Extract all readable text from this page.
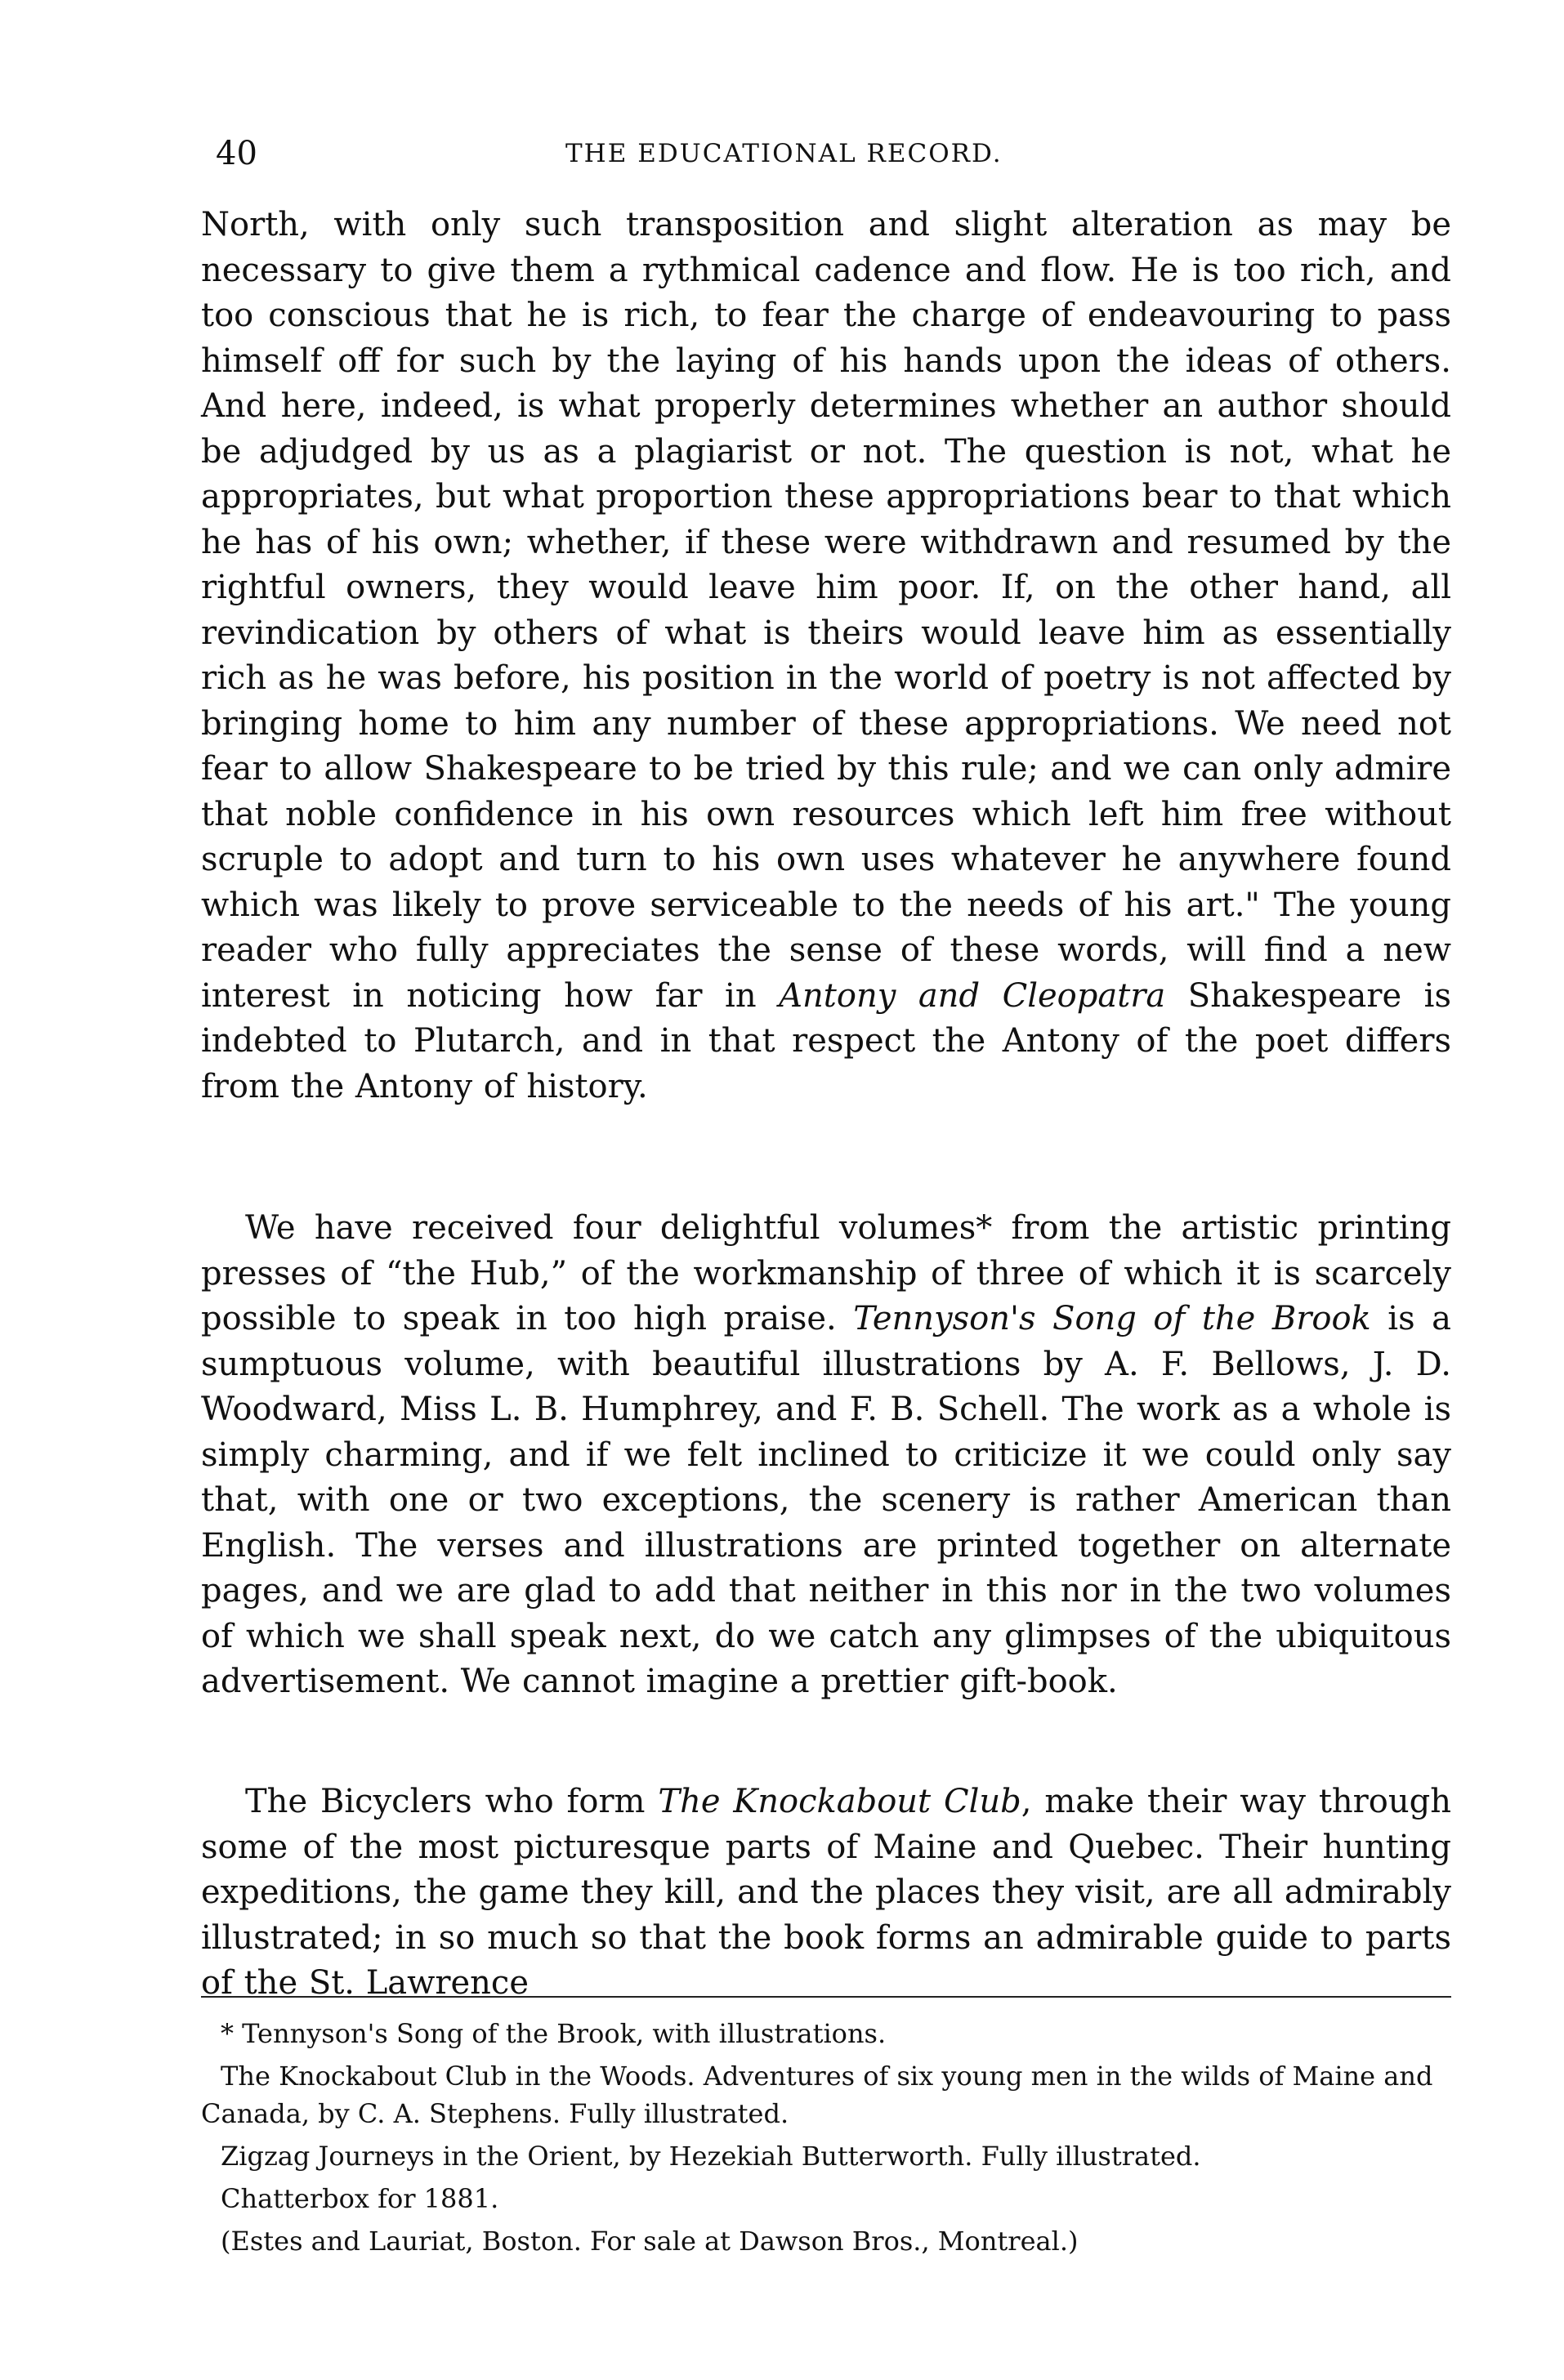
40	THE EDUCATIONAL RECORD.

North, with only such transposition and slight alteration as may be necessary to give them a rythmical cadence and flow. He is too rich, and too conscious that he is rich, to fear the charge of endeavouring to pass himself off for such by the laying of his hands upon the ideas of others. And here, indeed, is what properly determines whether an author should be adjudged by us as a plagiarist or not. The question is not, what he appropriates, but what proportion these appropriations bear to that which he has of his own; whether, if these were withdrawn and resumed by the rightful owners, they would leave him poor. If, on the other hand, all revindication by others of what is theirs would leave him as essentially rich as he was before, his position in the world of poetry is not affected by bringing home to him any number of these appropriations. We need not fear to allow Shakespeare to be tried by this rule; and we can only admire that noble confidence in his own resources which left him free without scruple to adopt and turn to his own uses whatever he anywhere found which was likely to prove serviceable to the needs of his art." The young reader who fully appreciates the sense of these words, will find a new interest in noticing how far in Antony and Cleopatra Shakespeare is indebted to Plutarch, and in that respect the Antony of the poet differs from the Antony of history.

We have received four delightful volumes* from the artistic printing presses of “the Hub,” of the workmanship of three of which it is scarcely possible to speak in too high praise. Tennyson's Song of the Brook is a sumptuous volume, with beautiful illustrations by A. F. Bellows, J. D. Woodward, Miss L. B. Humphrey, and F. B. Schell. The work as a whole is simply charming, and if we felt inclined to criticize it we could only say that, with one or two exceptions, the scenery is rather American than English. The verses and illustrations are printed together on alternate pages, and we are glad to add that neither in this nor in the two volumes of which we shall speak next, do we catch any glimpses of the ubiquitous advertisement. We cannot imagine a prettier gift-book.

The Bicyclers who form The Knockabout Club, make their way through some of the most picturesque parts of Maine and Quebec. Their hunting expeditions, the game they kill, and the places they visit, are all admirably illustrated; in so much so that the book forms an admirable guide to parts of the St. Lawrence

* Tennyson's Song of the Brook, with illustrations.

The Knockabout Club in the Woods. Adventures of six young men in the wilds of Maine and Canada, by C. A. Stephens. Fully illustrated.

Zigzag Journeys in the Orient, by Hezekiah Butterworth. Fully illustrated.

Chatterbox for 1881.

(Estes and Lauriat, Boston. For sale at Dawson Bros., Montreal.)
